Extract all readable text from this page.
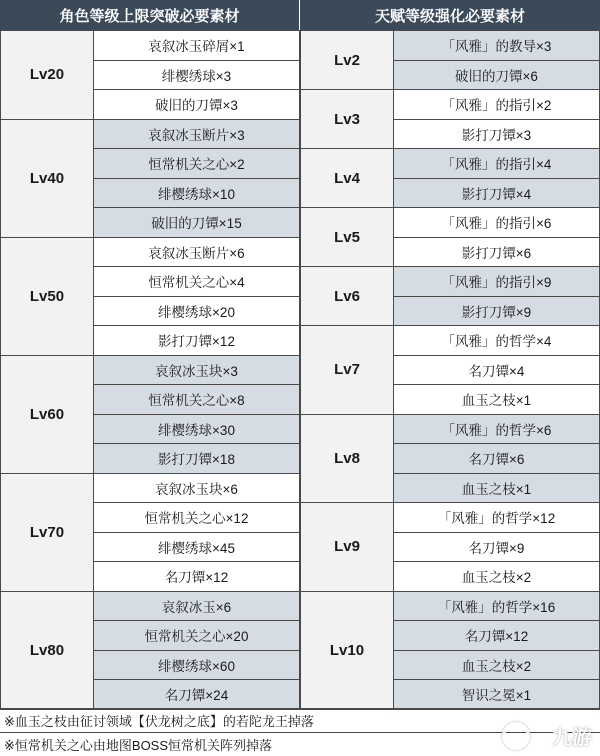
角色等级上限突破必要素材	天赋等级强化必要素材
Lv20
哀叙冰玉碎屑×1
绯樱绣球×3
破旧的刀镡×3
Lv40
哀叙冰玉断片×3
恒常机关之心×2
绯樱绣球×10
破旧的刀镡×15
Lv50
哀叙冰玉断片×6
恒常机关之心×4
绯樱绣球×20
影打刀镡×12
Lv60
哀叙冰玉块×3
恒常机关之心×8
绯樱绣球×30
影打刀镡×18
Lv70
哀叙冰玉块×6
恒常机关之心×12
绯樱绣球×45
名刀镡×12
Lv80
哀叙冰玉×6
恒常机关之心×20
绯樱绣球×60
名刀镡×24
Lv2
「风雅」的教导×3
破旧的刀镡×6
Lv3
「风雅」的指引×2
影打刀镡×3
Lv4
「风雅」的指引×4
影打刀镡×4
Lv5
「风雅」的指引×6
影打刀镡×6
Lv6
「风雅」的指引×9
影打刀镡×9
Lv7
「风雅」的哲学×4
名刀镡×4
血玉之枝×1
Lv8
「风雅」的哲学×6
名刀镡×6
血玉之枝×1
Lv9
「风雅」的哲学×12
名刀镡×9
血玉之枝×2
Lv10
「风雅」的哲学×16
名刀镡×12
血玉之枝×2
智识之冕×1
※血玉之枝由征讨领域【伏龙树之底】的若陀龙王掉落
※恒常机关之心由地图BOSS恒常机关阵列掉落	九游
